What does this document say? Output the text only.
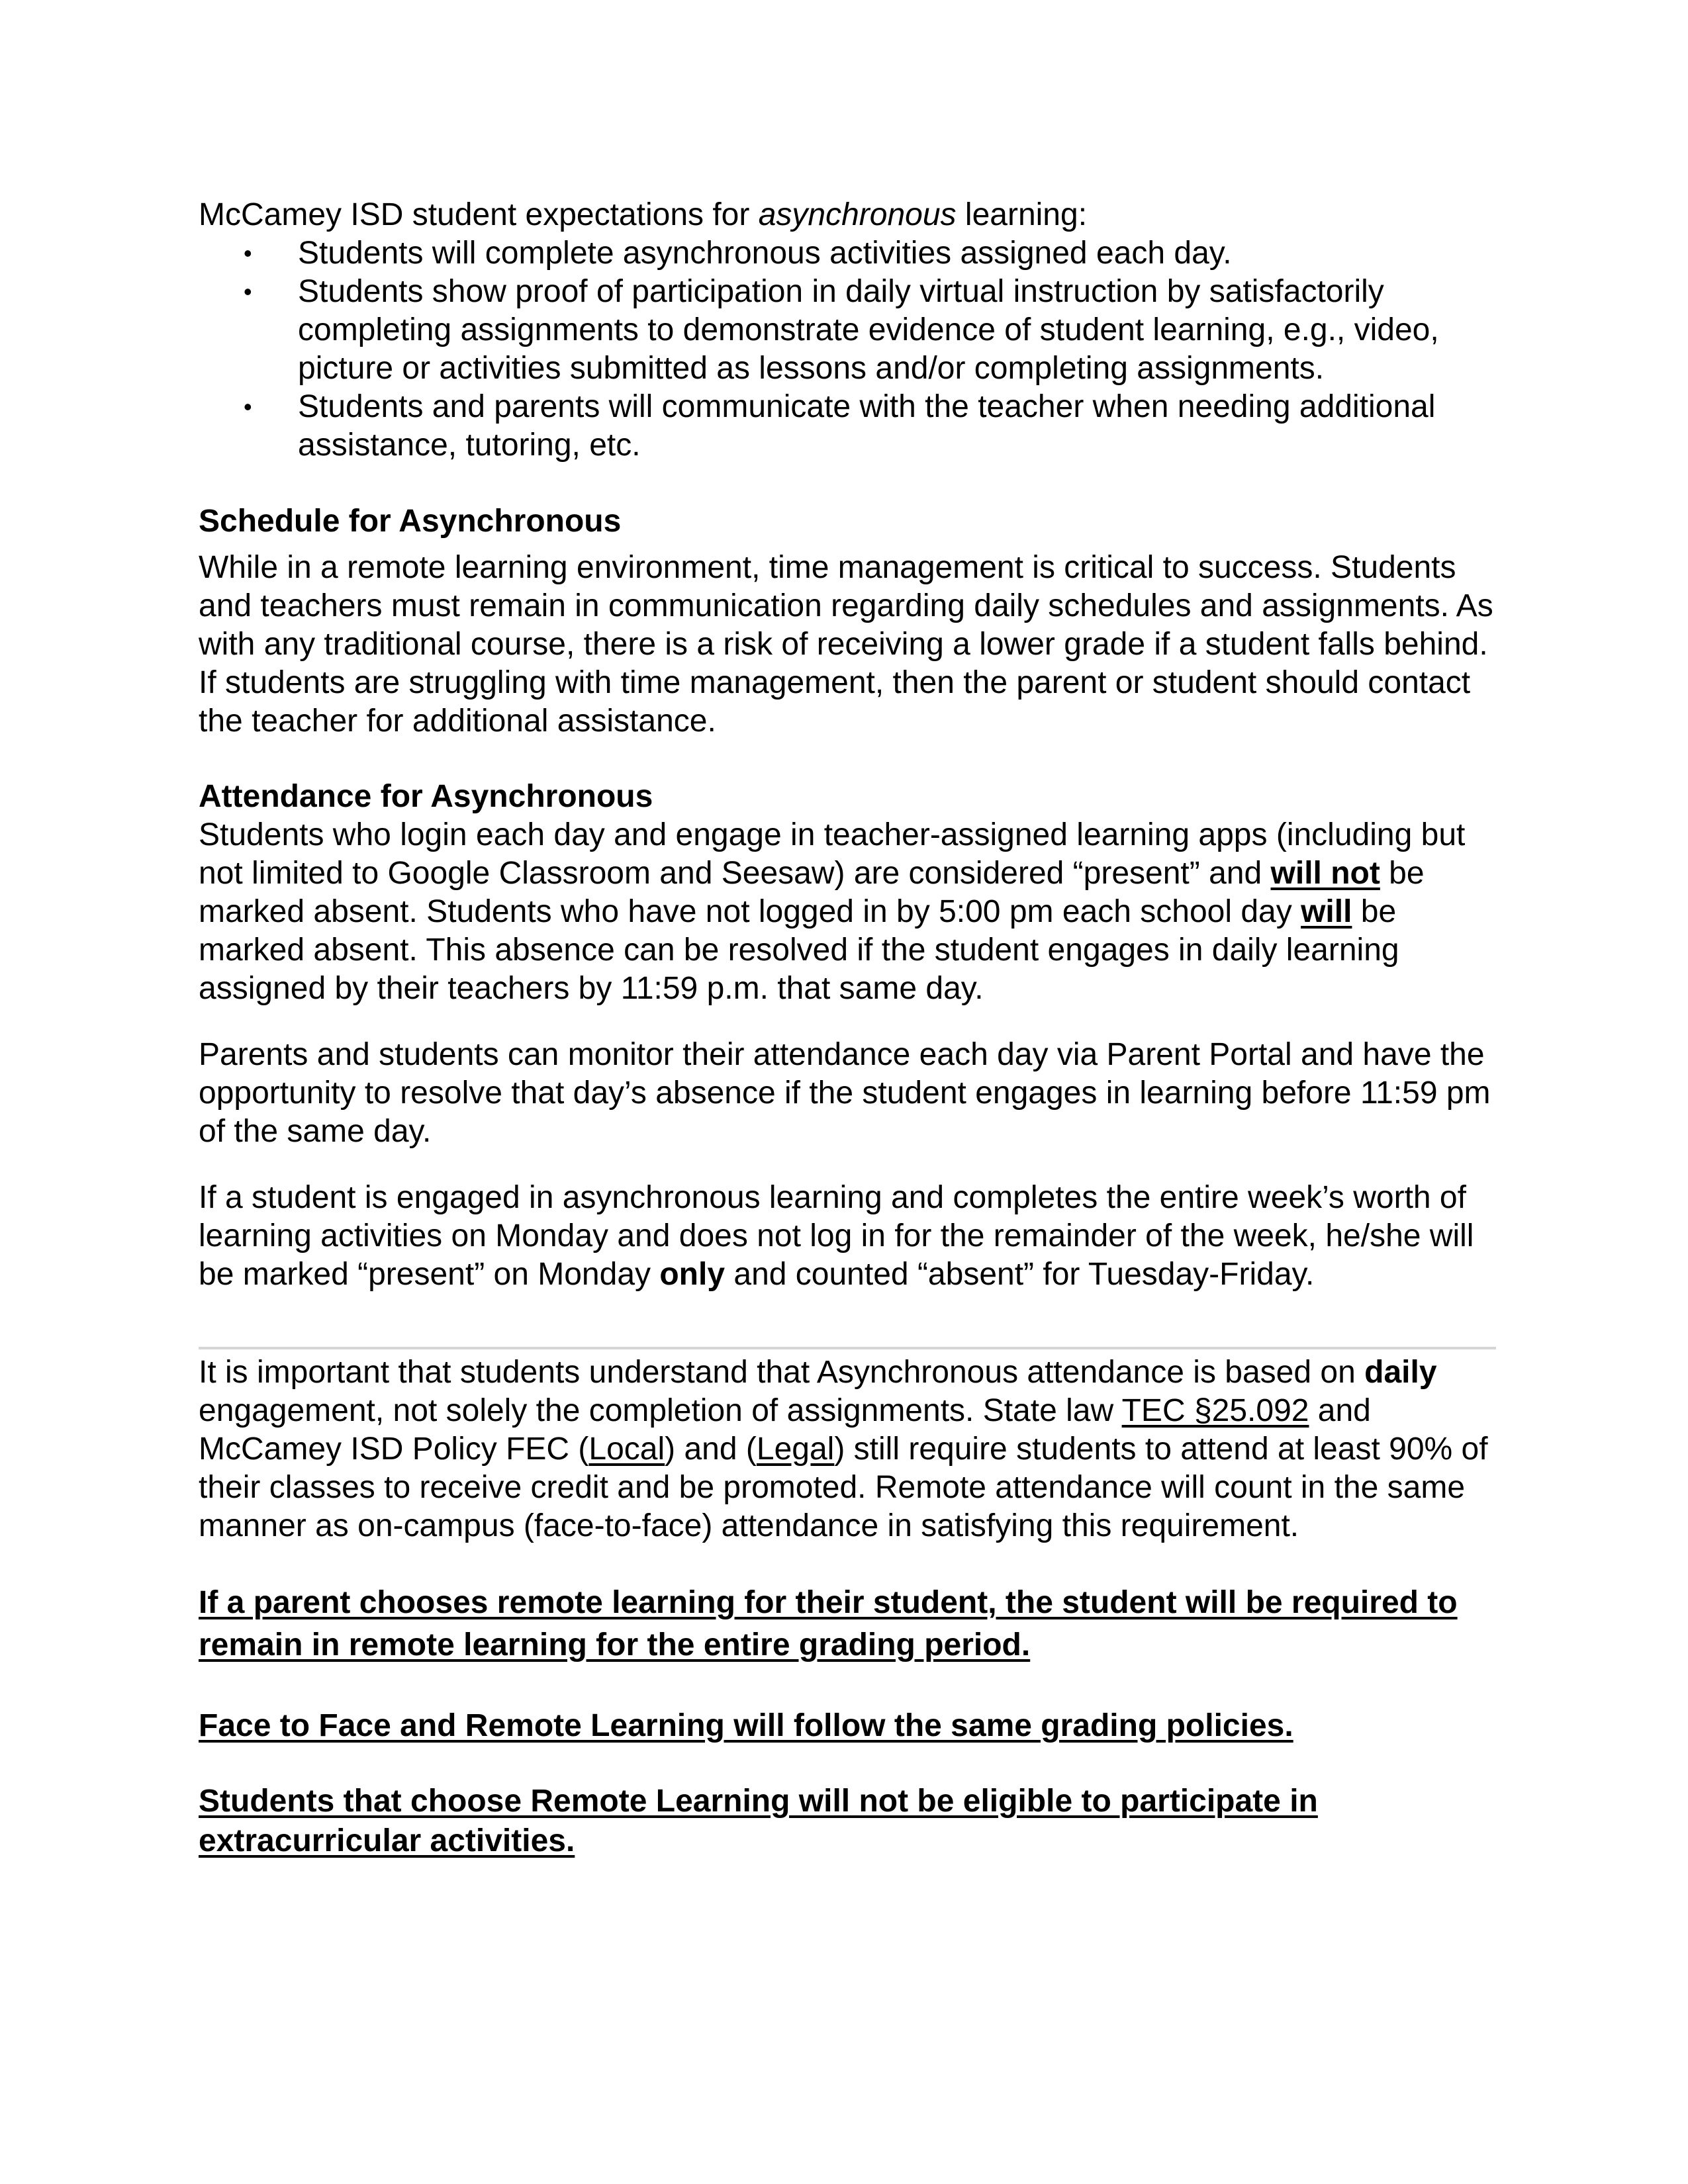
McCamey ISD student expectations for asynchronous learning:

• Students will complete asynchronous activities assigned each day.
• Students show proof of participation in daily virtual instruction by satisfactorily completing assignments to demonstrate evidence of student learning, e.g., video, picture or activities submitted as lessons and/or completing assignments.
• Students and parents will communicate with the teacher when needing additional assistance, tutoring, etc.
Schedule for Asynchronous

While in a remote learning environment, time management is critical to success. Students and teachers must remain in communication regarding daily schedules and assignments. As with any traditional course, there is a risk of receiving a lower grade if a student falls behind. If students are struggling with time management, then the parent or student should contact the teacher for additional assistance.

Attendance for Asynchronous

Students who login each day and engage in teacher-assigned learning apps (including but not limited to Google Classroom and Seesaw) are considered “present” and will not be marked absent. Students who have not logged in by 5:00 pm each school day will be marked absent. This absence can be resolved if the student engages in daily learning assigned by their teachers by 11:59 p.m. that same day.

Parents and students can monitor their attendance each day via Parent Portal and have the opportunity to resolve that day’s absence if the student engages in learning before 11:59 pm of the same day.

If a student is engaged in asynchronous learning and completes the entire week’s worth of learning activities on Monday and does not log in for the remainder of the week, he/she will be marked “present” on Monday only and counted “absent” for Tuesday-Friday.

It is important that students understand that Asynchronous attendance is based on daily engagement, not solely the completion of assignments. State law TEC §25.092 and McCamey ISD Policy FEC (Local) and (Legal) still require students to attend at least 90% of their classes to receive credit and be promoted. Remote attendance will count in the same manner as on-campus (face-to-face) attendance in satisfying this requirement.

If a parent chooses remote learning for their student, the student will be required to remain in remote learning for the entire grading period.

Face to Face and Remote Learning will follow the same grading policies.

Students that choose Remote Learning will not be eligible to participate in extracurricular activities.
